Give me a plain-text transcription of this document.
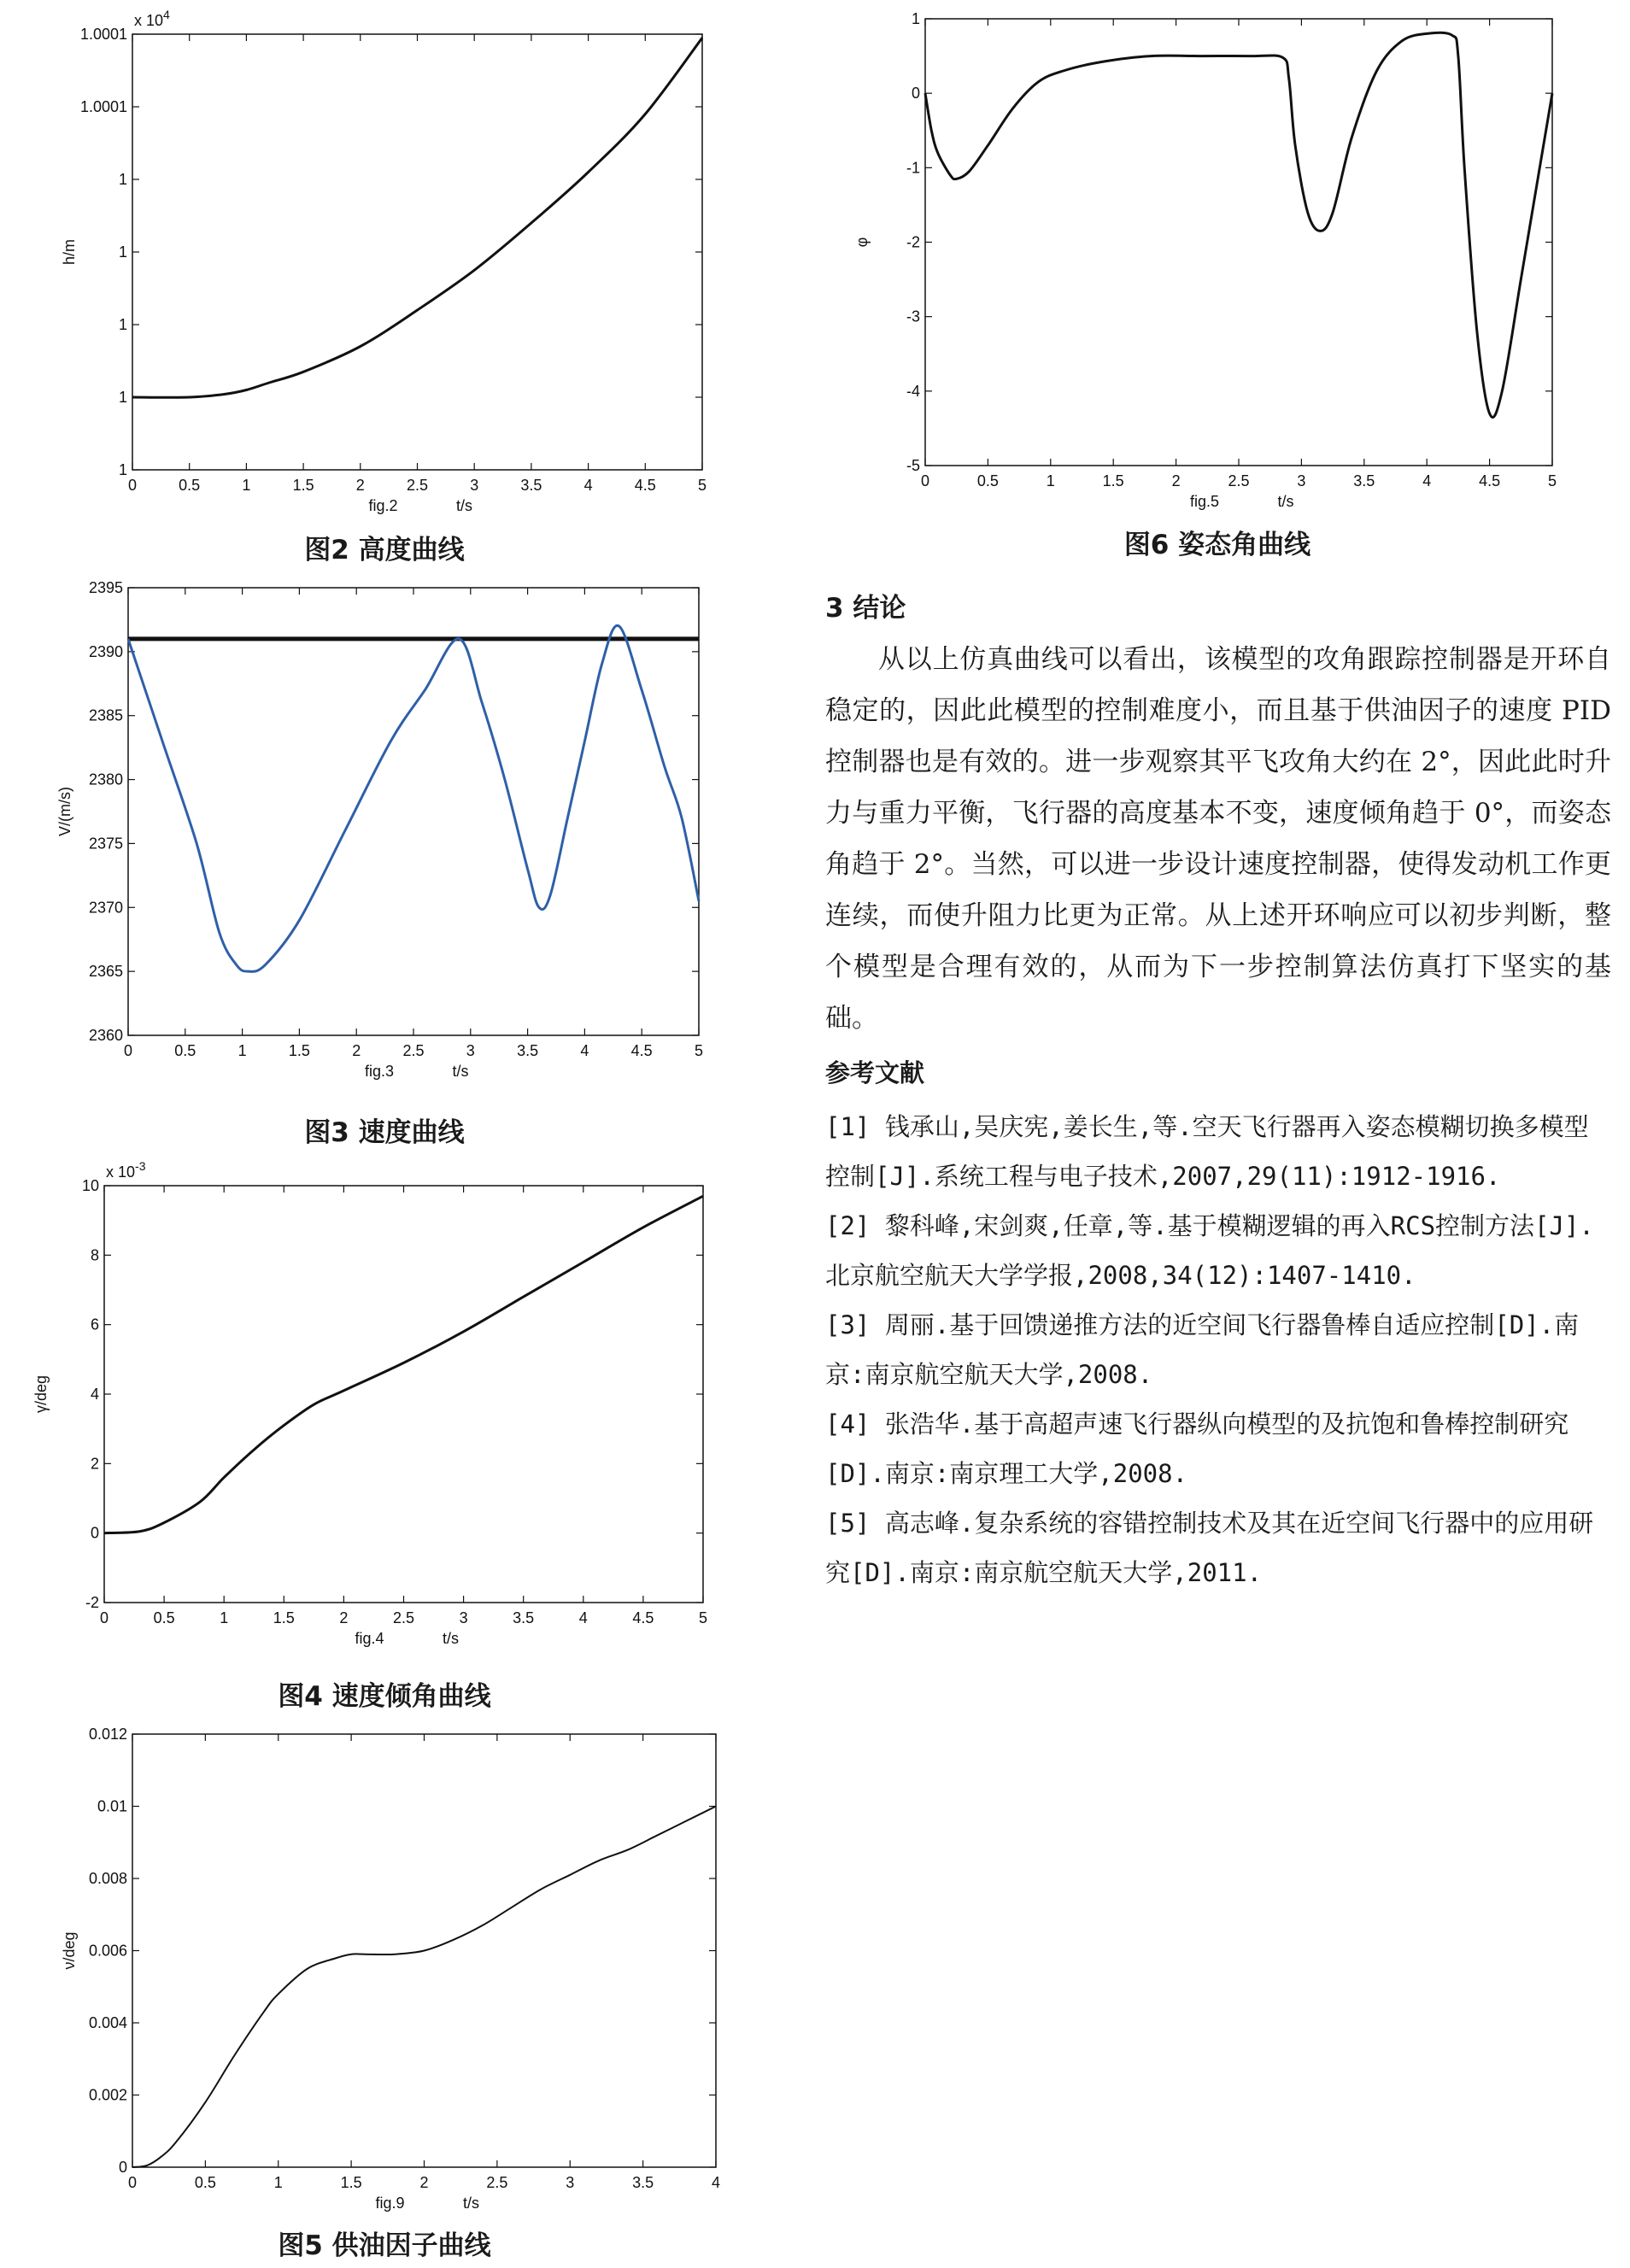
0	0.5	1	1.5	2	2.5	3	3.5	4	4.5	5
1
1
1
1
1
1.0001
1.0001
x $10^4$
fig.2	t/s
h/m
图2 高度曲线
0	0.5	1	1.5	2	2.5	3	3.5	4	4.5	5
2360
2365
2370
2375
2380
2385
2390
2395
fig.3	t/s
V/(m/s)
图3 速度曲线
0	0.5	1	1.5	2	2.5	3	3.5	4	4.5	5
-2
0
2
4
6
8
10
x $10^{-3}$
fig.4	t/s
γ/deg
图4 速度倾角曲线
0	0.5	1	1.5	2	2.5	3	3.5	4
0
0.002
0.004
0.006
0.008
0.01
0.012
fig.9	t/s
ν/deg
图5 供油因子曲线
0	0.5	1	1.5	2	2.5	3	3.5	4	4.5	5
-5
-4
-3
-2
-1
0
1
fig.5	t/s
φ
图6 姿态角曲线
3 结论

从以上仿真曲线可以看出，该模型的攻角跟踪控制器是开环自稳定的，因此此模型的控制难度小，而且基于供油因子的速度 PID 控制器也是有效的。进一步观察其平飞攻角大约在 2°，因此此时升力与重力平衡，飞行器的高度基本不变，速度倾角趋于 0°，而姿态角趋于 2°。当然，可以进一步设计速度控制器，使得发动机工作更连续，而使升阻力比更为正常。从上述开环响应可以初步判断，整个模型是合理有效的，从而为下一步控制算法仿真打下坚实的基础。

参考文献
[1] 钱承山,吴庆宪,姜长生,等.空天飞行器再入姿态模糊切换多模型控制[J].系统工程与电子技术,2007,29(11):1912-1916.
[2] 黎科峰,宋剑爽,任章,等.基于模糊逻辑的再入RCS控制方法[J].北京航空航天大学学报,2008,34(12):1407-1410.
[3] 周丽.基于回馈递推方法的近空间飞行器鲁棒自适应控制[D].南京:南京航空航天大学,2008.
[4] 张浩华.基于高超声速飞行器纵向模型的及抗饱和鲁棒控制研究[D].南京:南京理工大学,2008.
[5] 高志峰.复杂系统的容错控制技术及其在近空间飞行器中的应用研究[D].南京:南京航空航天大学,2011.
